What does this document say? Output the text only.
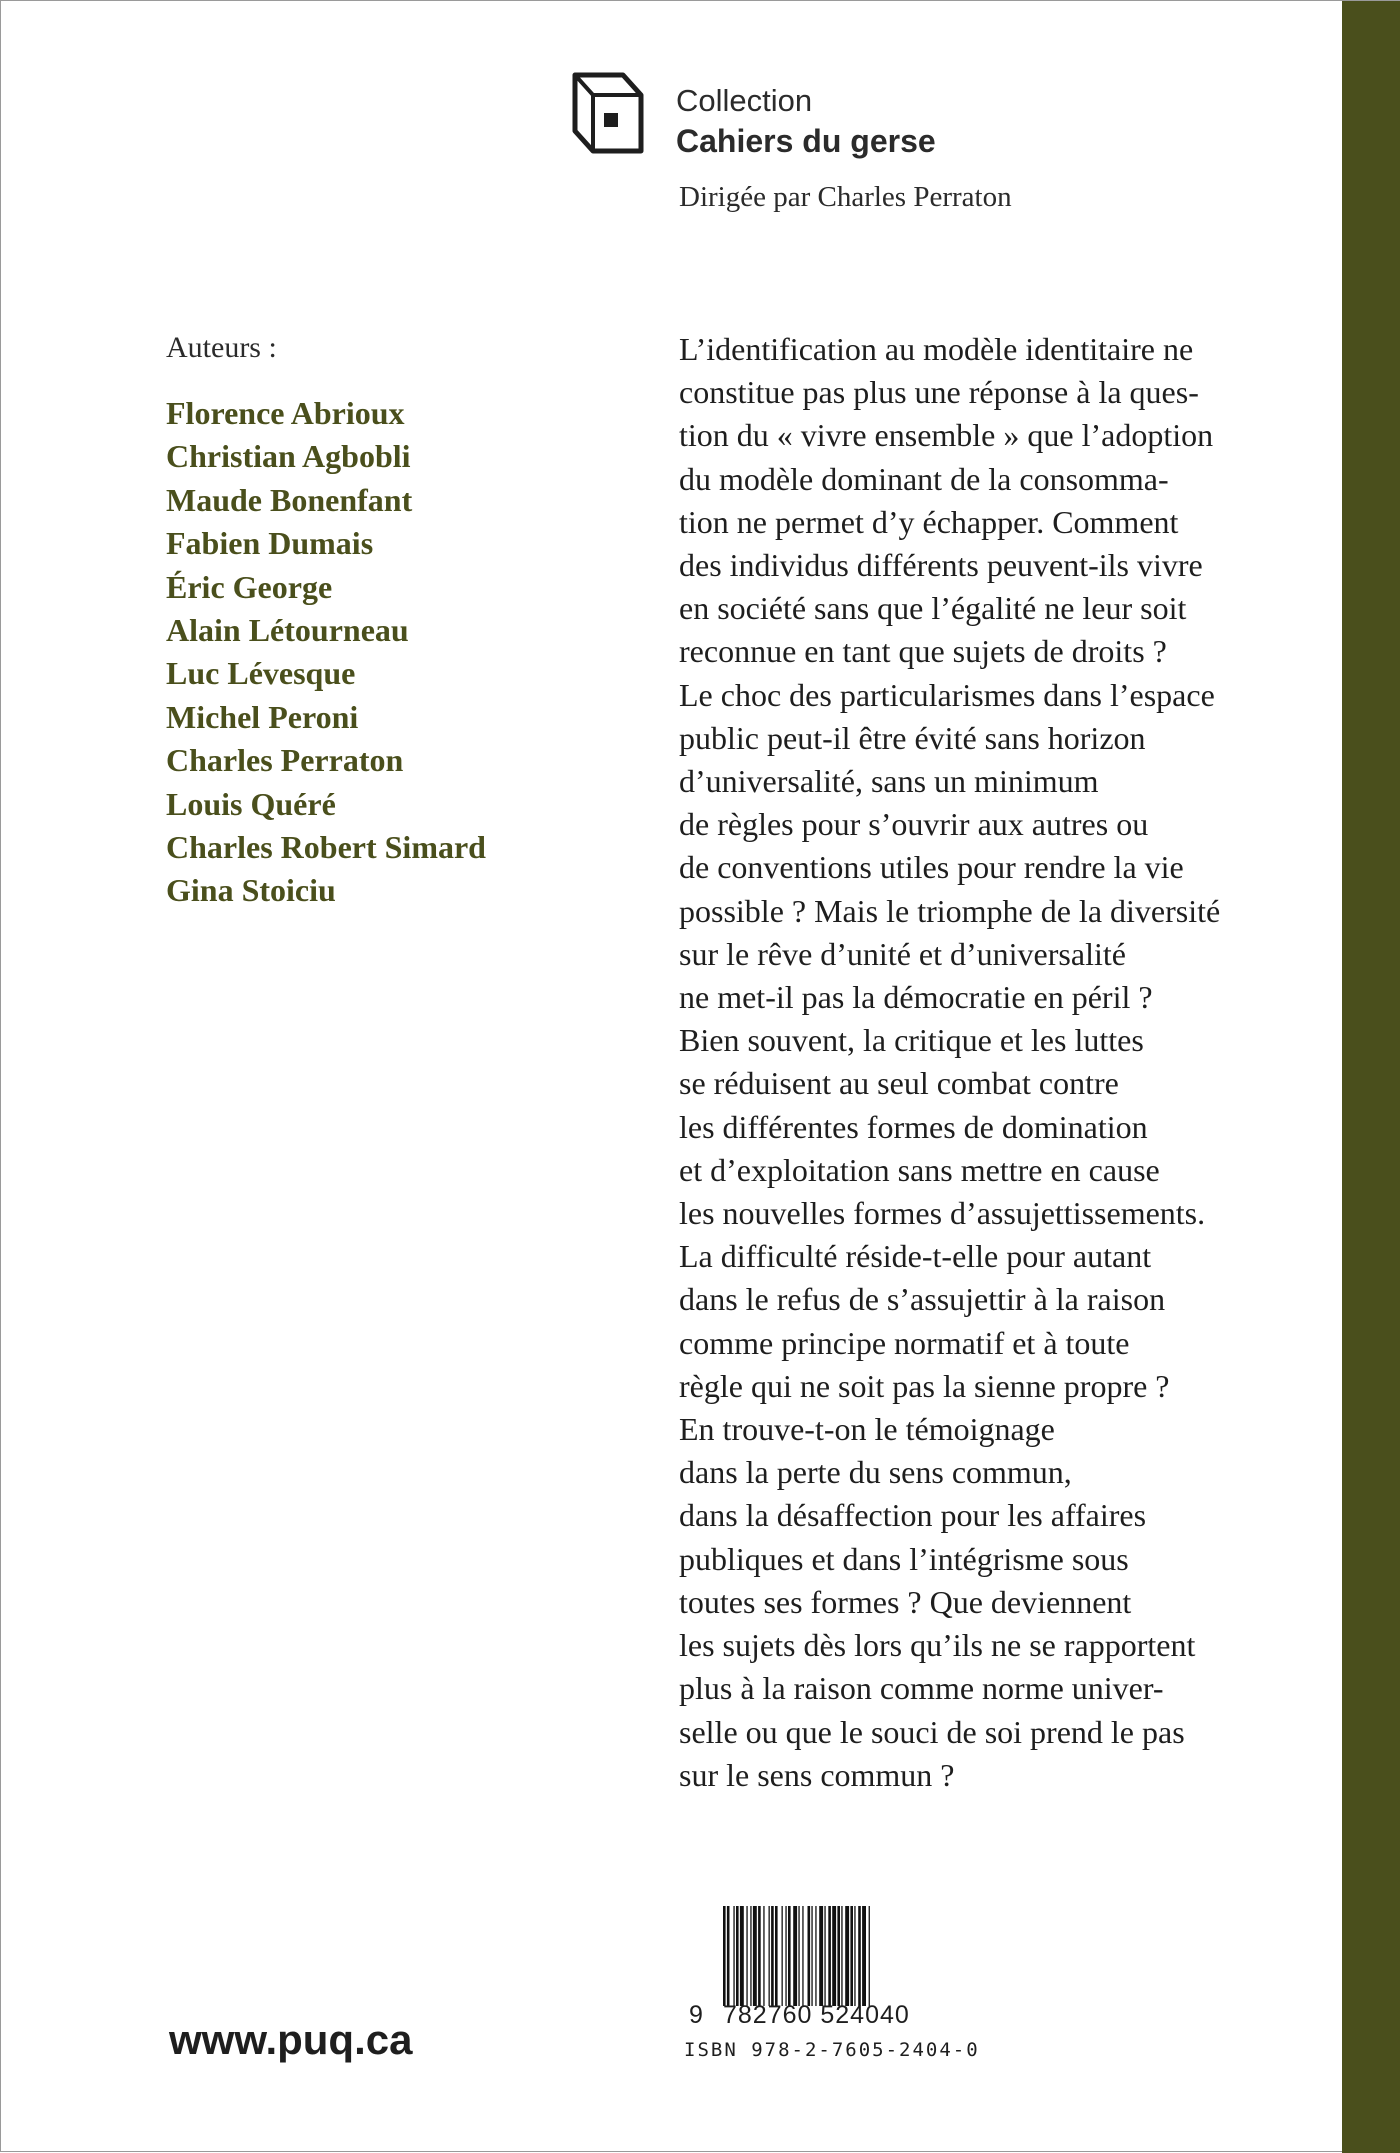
Collection
Cahiers du gerse
Dirigée par Charles Perraton
Auteurs :
Florence Abrioux
Christian Agbobli
Maude Bonenfant
Fabien Dumais
Éric George
Alain Létourneau
Luc Lévesque
Michel Peroni
Charles Perraton
Louis Quéré
Charles Robert Simard
Gina Stoiciu
L’identification au modèle identitaire ne
constitue pas plus une réponse à la ques-
tion du « vivre ensemble » que l’adoption
du modèle dominant de la consomma-
tion ne permet d’y échapper. Comment
des individus différents peuvent-ils vivre
en société sans que l’égalité ne leur soit
reconnue en tant que sujets de droits ?
Le choc des particularismes dans l’espace
public peut-il être évité sans horizon
d’universalité, sans un minimum
de règles pour s’ouvrir aux autres ou
de conventions utiles pour rendre la vie
possible ? Mais le triomphe de la diversité
sur le rêve d’unité et d’universalité
ne met-il pas la démocratie en péril ?
Bien souvent, la critique et les luttes
se réduisent au seul combat contre
les différentes formes de domination
et d’exploitation sans mettre en cause
les nouvelles formes d’assujettissements.
La difficulté réside-t-elle pour autant
dans le refus de s’assujettir à la raison
comme principe normatif et à toute
règle qui ne soit pas la sienne propre ?
En trouve-t-on le témoignage
dans la perte du sens commun,
dans la désaffection pour les affaires
publiques et dans l’intégrisme sous
toutes ses formes ? Que deviennent
les sujets dès lors qu’ils ne se rapportent
plus à la raison comme norme univer-
selle ou que le souci de soi prend le pas
sur le sens commun ?
9 782760 524040
ISBN 978-2-7605-2404-0
www.puq.ca
